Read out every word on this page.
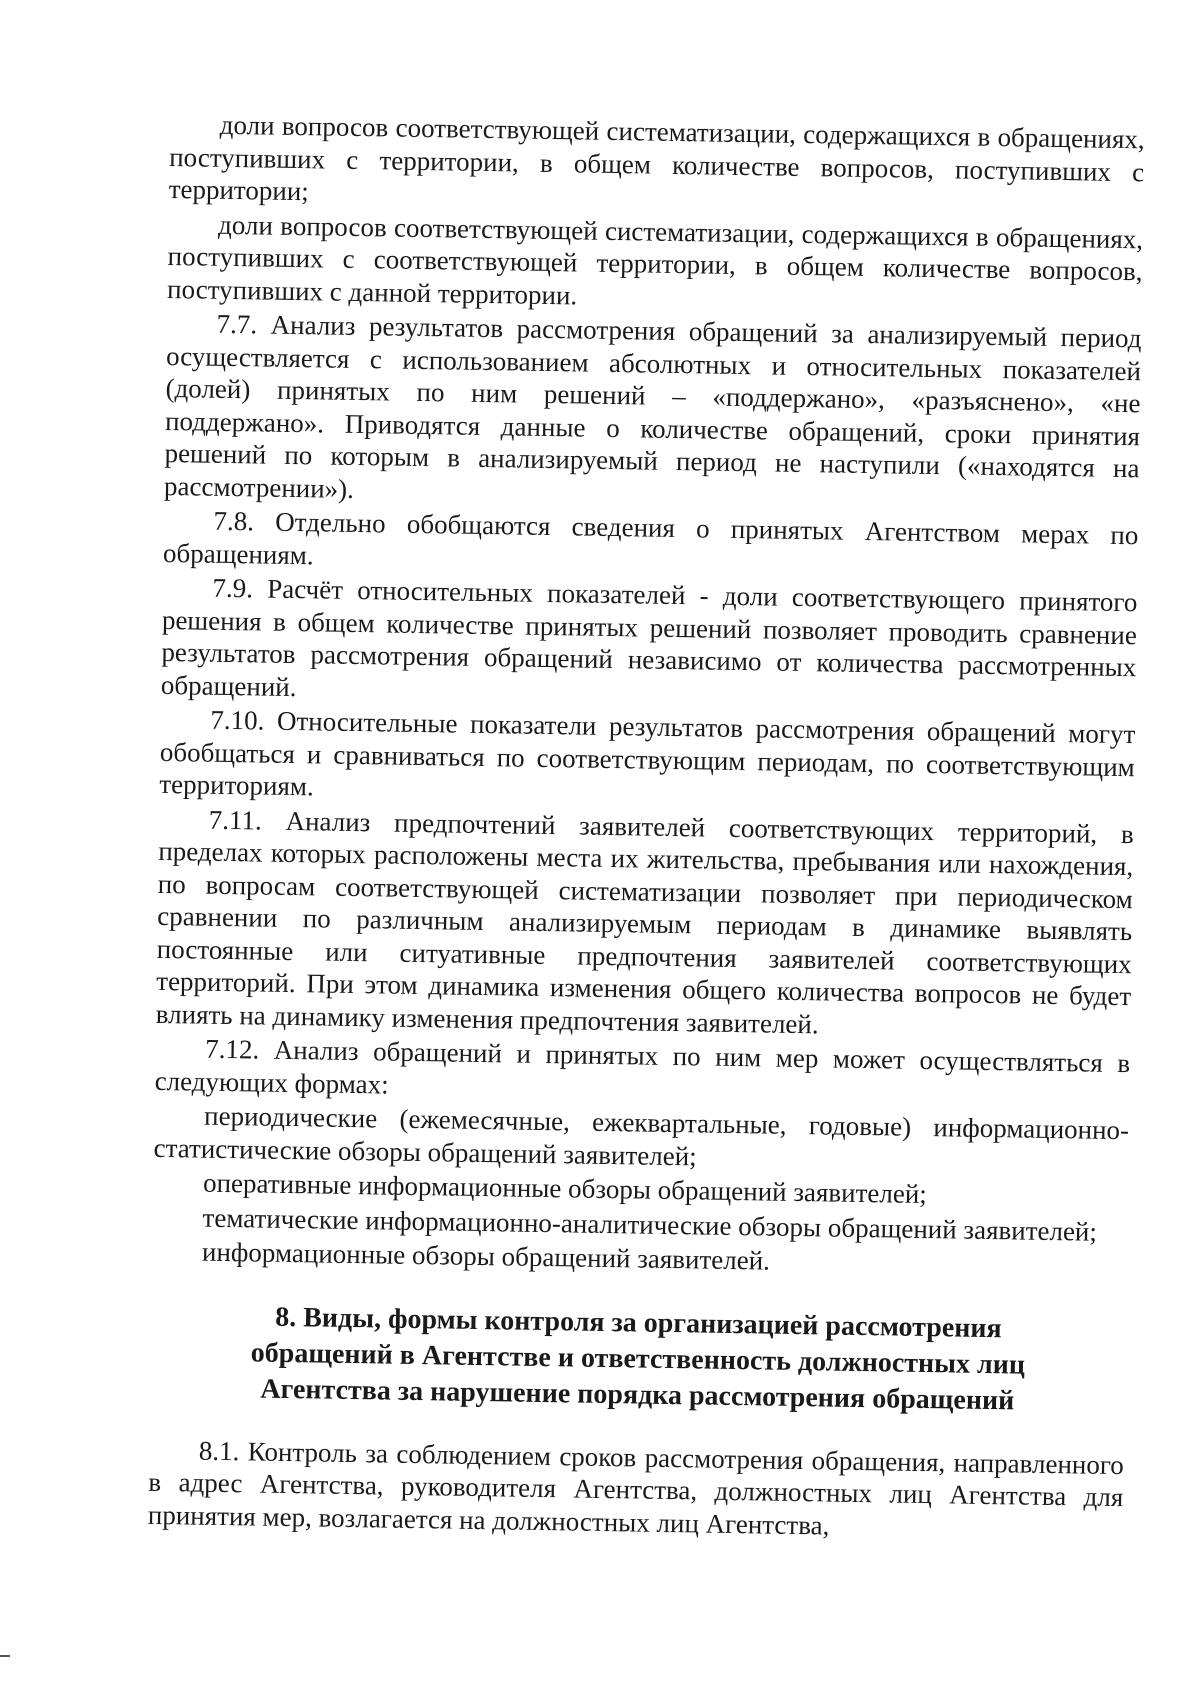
доли вопросов соответствующей систематизации, содержащихся в обращениях, поступивших с территории, в общем количестве вопросов, поступивших с территории;

доли вопросов соответствующей систематизации, содержащихся в обращениях, поступивших с соответствующей территории, в общем количестве вопросов, поступивших с данной территории.

7.7. Анализ результатов рассмотрения обращений за анализируемый период осуществляется с использованием абсолютных и относительных показателей (долей) принятых по ним решений – «поддержано», «разъяснено», «не поддержано». Приводятся данные о количестве обращений, сроки принятия решений по которым в анализируемый период не наступили («находятся на рассмотрении»).

7.8. Отдельно обобщаются сведения о принятых Агентством мерах по обращениям.

7.9. Расчёт относительных показателей - доли соответствующего принятого решения в общем количестве принятых решений позволяет проводить сравнение результатов рассмотрения обращений независимо от количества рассмотренных обращений.

7.10. Относительные показатели результатов рассмотрения обращений могут обобщаться и сравниваться по соответствующим периодам, по соответствующим территориям.

7.11. Анализ предпочтений заявителей соответствующих территорий, в пределах которых расположены места их жительства, пребывания или нахождения, по вопросам соответствующей систематизации позволяет при периодическом сравнении по различным анализируемым периодам в динамике выявлять постоянные или ситуативные предпочтения заявителей соответствующих территорий. При этом динамика изменения общего количества вопросов не будет влиять на динамику изменения предпочтения заявителей.

7.12. Анализ обращений и принятых по ним мер может осуществляться в следующих формах:

периодические (ежемесячные, ежеквартальные, годовые) информационно-статистические обзоры обращений заявителей;

оперативные информационные обзоры обращений заявителей;

тематические информационно-аналитические обзоры обращений заявителей;

информационные обзоры обращений заявителей.

8. Виды, формы контроля за организацией рассмотрения
обращений в Агентстве и ответственность должностных лиц
Агентства за нарушение порядка рассмотрения обращений

8.1. Контроль за соблюдением сроков рассмотрения обращения, направленного в адрес Агентства, руководителя Агентства, должностных лиц Агентства для принятия мер, возлагается на должностных лиц Агентства,
